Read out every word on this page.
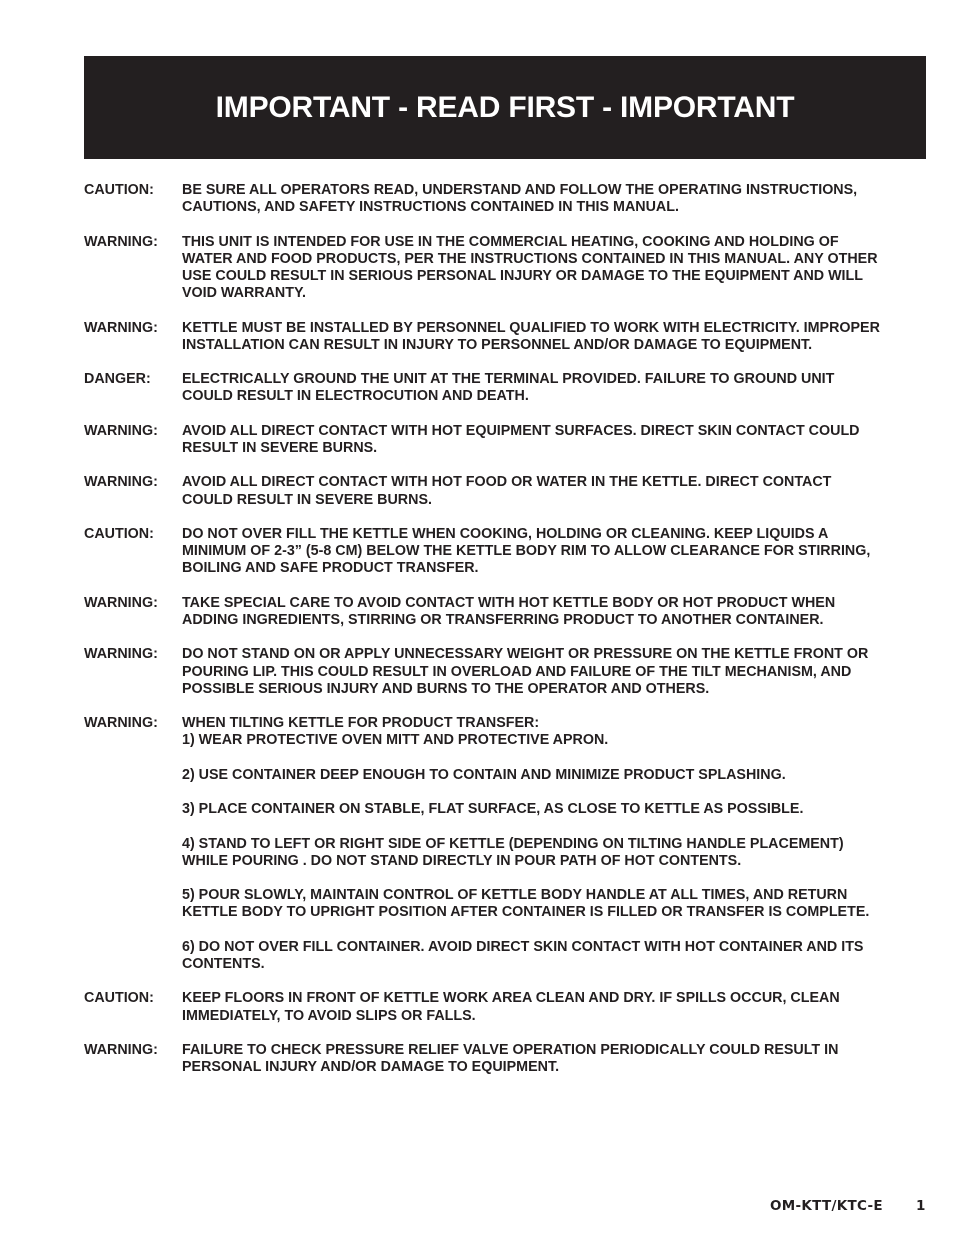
IMPORTANT - READ FIRST - IMPORTANT
CAUTION:	BE SURE ALL OPERATORS READ, UNDERSTAND AND FOLLOW THE OPERATING INSTRUCTIONS,
CAUTIONS, AND SAFETY INSTRUCTIONS CONTAINED IN THIS MANUAL.
WARNING:	THIS UNIT IS INTENDED FOR USE IN THE COMMERCIAL HEATING, COOKING AND HOLDING OF
WATER AND FOOD PRODUCTS, PER THE INSTRUCTIONS CONTAINED IN THIS MANUAL. ANY OTHER
USE COULD RESULT IN SERIOUS PERSONAL INJURY OR DAMAGE TO THE EQUIPMENT AND WILL
VOID WARRANTY.
WARNING:	KETTLE MUST BE INSTALLED BY PERSONNEL QUALIFIED TO WORK WITH ELECTRICITY. IMPROPER
INSTALLATION CAN RESULT IN INJURY TO PERSONNEL AND/OR DAMAGE TO EQUIPMENT.
DANGER:	ELECTRICALLY GROUND THE UNIT AT THE TERMINAL PROVIDED. FAILURE TO GROUND UNIT
COULD RESULT IN ELECTROCUTION AND DEATH.
WARNING:	AVOID ALL DIRECT CONTACT WITH HOT EQUIPMENT SURFACES. DIRECT SKIN CONTACT COULD
RESULT IN SEVERE BURNS.
WARNING:	AVOID ALL DIRECT CONTACT WITH HOT FOOD OR WATER IN THE KETTLE. DIRECT CONTACT
COULD RESULT IN SEVERE BURNS.
CAUTION:	DO NOT OVER FILL THE KETTLE WHEN COOKING, HOLDING OR CLEANING. KEEP LIQUIDS A
MINIMUM OF 2-3” (5-8 CM) BELOW THE KETTLE BODY RIM TO ALLOW CLEARANCE FOR STIRRING,
BOILING AND SAFE PRODUCT TRANSFER.
WARNING:	TAKE SPECIAL CARE TO AVOID CONTACT WITH HOT KETTLE BODY OR HOT PRODUCT WHEN
ADDING INGREDIENTS, STIRRING OR TRANSFERRING PRODUCT TO ANOTHER CONTAINER.
WARNING:	DO NOT STAND ON OR APPLY UNNECESSARY WEIGHT OR PRESSURE ON THE KETTLE FRONT OR
POURING LIP. THIS COULD RESULT IN OVERLOAD AND FAILURE OF THE TILT MECHANISM, AND
POSSIBLE SERIOUS INJURY AND BURNS TO THE OPERATOR AND OTHERS.
WARNING:	WHEN TILTING KETTLE FOR PRODUCT TRANSFER:
1) WEAR PROTECTIVE OVEN MITT AND PROTECTIVE APRON.
2) USE CONTAINER DEEP ENOUGH TO CONTAIN AND MINIMIZE PRODUCT SPLASHING.
3) PLACE CONTAINER ON STABLE, FLAT SURFACE, AS CLOSE TO KETTLE AS POSSIBLE.
4) STAND TO LEFT OR RIGHT SIDE OF KETTLE (DEPENDING ON TILTING HANDLE PLACEMENT)
WHILE POURING . DO NOT STAND DIRECTLY IN POUR PATH OF HOT CONTENTS.
5) POUR SLOWLY, MAINTAIN CONTROL OF KETTLE BODY HANDLE AT ALL TIMES, AND RETURN
KETTLE BODY TO UPRIGHT POSITION AFTER CONTAINER IS FILLED OR TRANSFER IS COMPLETE.
6) DO NOT OVER FILL CONTAINER. AVOID DIRECT SKIN CONTACT WITH HOT CONTAINER AND ITS
CONTENTS.
CAUTION:	KEEP FLOORS IN FRONT OF KETTLE WORK AREA CLEAN AND DRY. IF SPILLS OCCUR, CLEAN
IMMEDIATELY, TO AVOID SLIPS OR FALLS.
WARNING:	FAILURE TO CHECK PRESSURE RELIEF VALVE OPERATION PERIODICALLY COULD RESULT IN
PERSONAL INJURY AND/OR DAMAGE TO EQUIPMENT.
OM-KTT/KTC-E 1
